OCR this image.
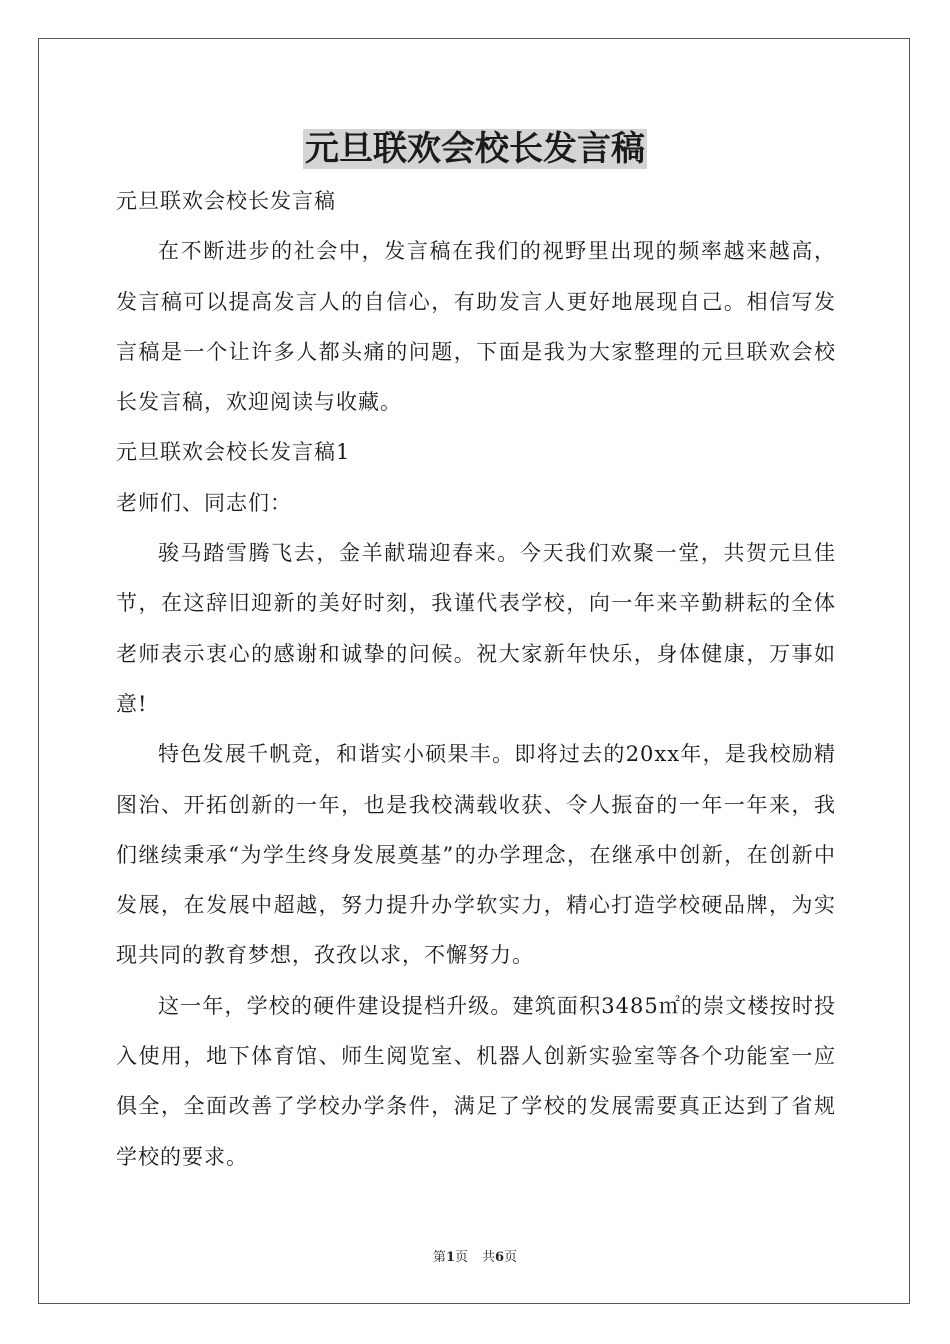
元旦联欢会校长发言稿

元旦联欢会校长发言稿

在不断进步的社会中，发言稿在我们的视野里出现的频率越来越高，发言稿可以提高发言人的自信心，有助发言人更好地展现自己。相信写发言稿是一个让许多人都头痛的问题，下面是我为大家整理的元旦联欢会校长发言稿，欢迎阅读与收藏。

元旦联欢会校长发言稿1

老师们、同志们：

骏马踏雪腾飞去，金羊献瑞迎春来。今天我们欢聚一堂，共贺元旦佳节，在这辞旧迎新的美好时刻，我谨代表学校，向一年来辛勤耕耘的全体老师表示衷心的感谢和诚挚的问候。祝大家新年快乐，身体健康，万事如意!

特色发展千帆竞，和谐实小硕果丰。即将过去的20xx年，是我校励精图治、开拓创新的一年，也是我校满载收获、令人振奋的一年一年来，我们继续秉承“为学生终身发展奠基”的办学理念，在继承中创新，在创新中发展，在发展中超越，努力提升办学软实力，精心打造学校硬品牌，为实现共同的教育梦想，孜孜以求，不懈努力。

这一年，学校的硬件建设提档升级。建筑面积3485㎡的崇文楼按时投入使用，地下体育馆、师生阅览室、机器人创新实验室等各个功能室一应俱全，全面改善了学校办学条件，满足了学校的发展需要真正达到了省规学校的要求。

第1页 共6页
